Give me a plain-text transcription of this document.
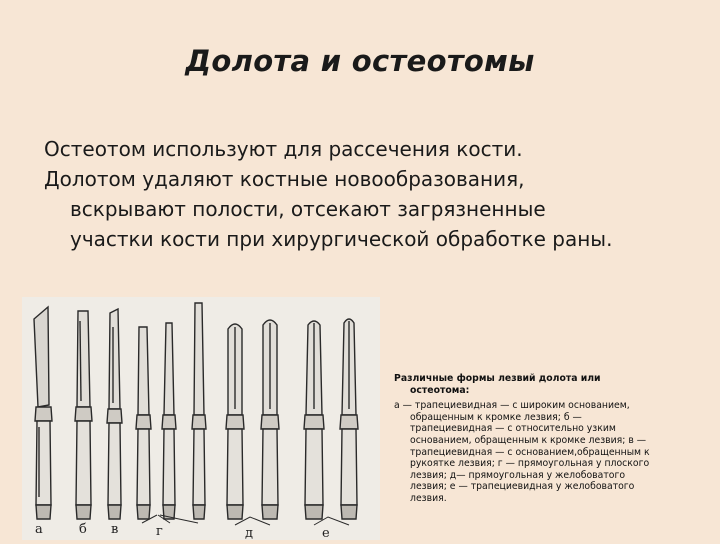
Долота и остеотомы
Остеотом используют для рассечения кости.
Долотом удаляют костные новообразования,
вскрывают полости, отсекают загрязненные
участки кости при хирургической обработке раны.
а	б в	г	д	е
Различные формы лезвий долота или
остеотома:
а — трапециевидная — с широким основанием,
обращенным к кромке лезвия; б —
трапециевидная — с относительно узким
основанием, обращенным к кромке лезвия; в —
трапециевидная — с основанием,обращенным к
рукоятке лезвия; г — прямоугольная у плоского
лезвия; д— прямоугольная у желобоватого
лезвия; е — трапециевидная у желобоватого
лезвия.
